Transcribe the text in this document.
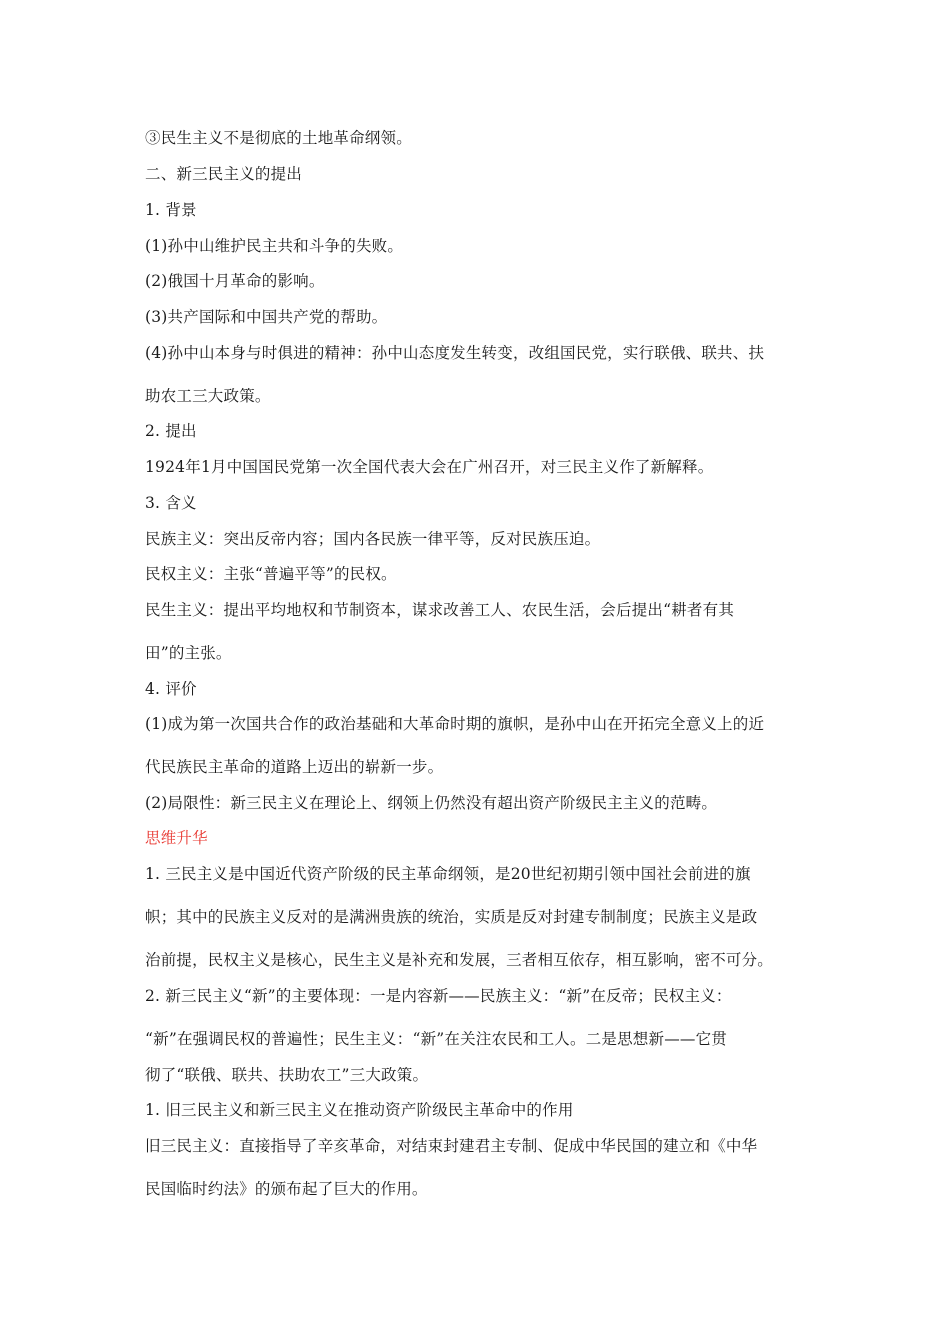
③民生主义不是彻底的土地革命纲领。
二、新三民主义的提出
1. 背景
(1)孙中山维护民主共和斗争的失败。
(2)俄国十月革命的影响。
(3)共产国际和中国共产党的帮助。
(4)孙中山本身与时俱进的精神：孙中山态度发生转变，改组国民党，实行联俄、联共、扶
助农工三大政策。
2. 提出
1924年1月中国国民党第一次全国代表大会在广州召开，对三民主义作了新解释。
3. 含义
民族主义：突出反帝内容；国内各民族一律平等，反对民族压迫。
民权主义：主张“普遍平等”的民权。
民生主义：提出平均地权和节制资本，谋求改善工人、农民生活，会后提出“耕者有其
田”的主张。
4. 评价
(1)成为第一次国共合作的政治基础和大革命时期的旗帜，是孙中山在开拓完全意义上的近
代民族民主革命的道路上迈出的崭新一步。
(2)局限性：新三民主义在理论上、纲领上仍然没有超出资产阶级民主主义的范畴。
思维升华
1. 三民主义是中国近代资产阶级的民主革命纲领，是20世纪初期引领中国社会前进的旗
帜；其中的民族主义反对的是满洲贵族的统治，实质是反对封建专制制度；民族主义是政
治前提，民权主义是核心，民生主义是补充和发展，三者相互依存，相互影响，密不可分。
2. 新三民主义“新”的主要体现：一是内容新——民族主义：“新”在反帝；民权主义：
“新”在强调民权的普遍性；民生主义：“新”在关注农民和工人。二是思想新——它贯
彻了“联俄、联共、扶助农工”三大政策。
1. 旧三民主义和新三民主义在推动资产阶级民主革命中的作用
旧三民主义：直接指导了辛亥革命，对结束封建君主专制、促成中华民国的建立和《中华
民国临时约法》的颁布起了巨大的作用。
